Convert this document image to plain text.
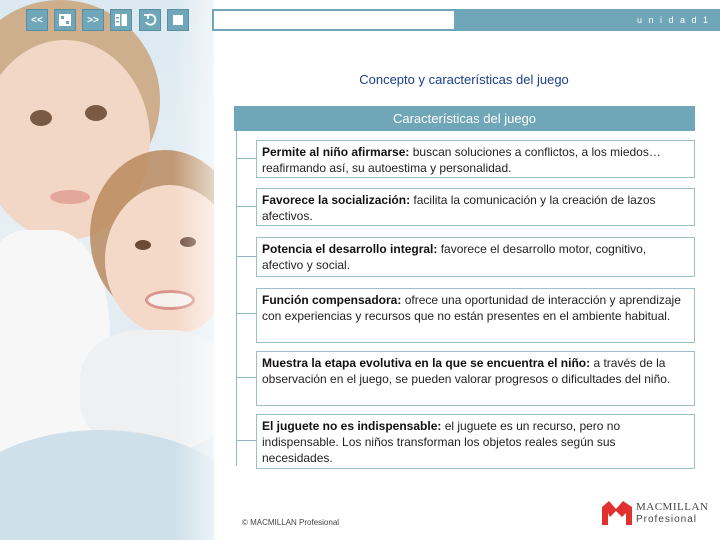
<<	>>	u n i d a d 1
Concepto y características del juego
Características del juego
Permite al niño afirmarse: buscan soluciones a conflictos, a los miedos… reafirmando así, su autoestima y personalidad.
Favorece la socialización: facilita la comunicación y la creación de lazos afectivos.
Potencia el desarrollo integral: favorece el desarrollo motor, cognitivo, afectivo y social.
Función compensadora: ofrece una oportunidad de interacción y aprendizaje con experiencias y recursos que no están presentes en el ambiente habitual.
Muestra la etapa evolutiva en la que se encuentra el niño: a través de la observación en el juego, se pueden valorar progresos o dificultades del niño.
El juguete no es indispensable: el juguete es un recurso, pero no indispensable. Los niños transforman los objetos reales según sus necesidades.
© MACMILLAN Profesional
MACMILLAN
Profesional
